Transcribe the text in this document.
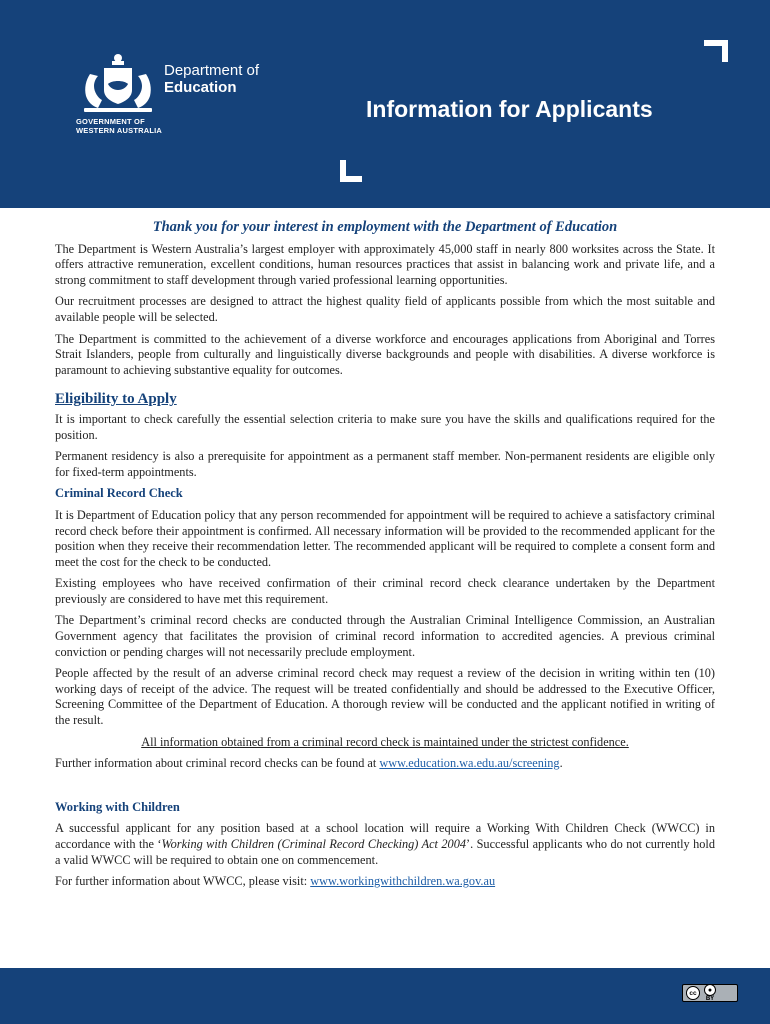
Department of
Education
GOVERNMENT OF
WESTERN AUSTRALIA
Information for Applicants
Thank you for your interest in employment with the Department of Education

The Department is Western Australia’s largest employer with approximately 45,000 staff in nearly 800 worksites across the State. It offers attractive remuneration, excellent conditions, human resources practices that assist in balancing work and private life, and a strong commitment to staff development through varied professional learning opportunities.

Our recruitment processes are designed to attract the highest quality field of applicants possible from which the most suitable and available people will be selected.

The Department is committed to the achievement of a diverse workforce and encourages applications from Aboriginal and Torres Strait Islanders, people from culturally and linguistically diverse backgrounds and people with disabilities. A diverse workforce is paramount to achieving substantive equality for outcomes.

Eligibility to Apply

It is important to check carefully the essential selection criteria to make sure you have the skills and qualifications required for the position.

Permanent residency is also a prerequisite for appointment as a permanent staff member. Non-permanent residents are eligible only for fixed-term appointments.

Criminal Record Check

It is Department of Education policy that any person recommended for appointment will be required to achieve a satisfactory criminal record check before their appointment is confirmed. All necessary information will be provided to the recommended applicant for the position when they receive their recommendation letter. The recommended applicant will be required to complete a consent form and meet the cost for the check to be conducted.

Existing employees who have received confirmation of their criminal record check clearance undertaken by the Department previously are considered to have met this requirement.

The Department’s criminal record checks are conducted through the Australian Criminal Intelligence Commission, an Australian Government agency that facilitates the provision of criminal record information to accredited agencies. A previous criminal conviction or pending charges will not necessarily preclude employment.

People affected by the result of an adverse criminal record check may request a review of the decision in writing within ten (10) working days of receipt of the advice. The request will be treated confidentially and should be addressed to the Executive Officer, Screening Committee of the Department of Education. A thorough review will be conducted and the applicant notified in writing of the result.

All information obtained from a criminal record check is maintained under the strictest confidence.

Further information about criminal record checks can be found at www.education.wa.edu.au/screening.

Working with Children

A successful applicant for any position based at a school location will require a Working With Children Check (WWCC) in accordance with the ‘Working with Children (Criminal Record Checking) Act 2004’. Successful applicants who do not currently hold a valid WWCC will be required to obtain one on commencement.

For further information about WWCC, please visit: www.workingwithchildren.wa.gov.au

cc	●
BY
